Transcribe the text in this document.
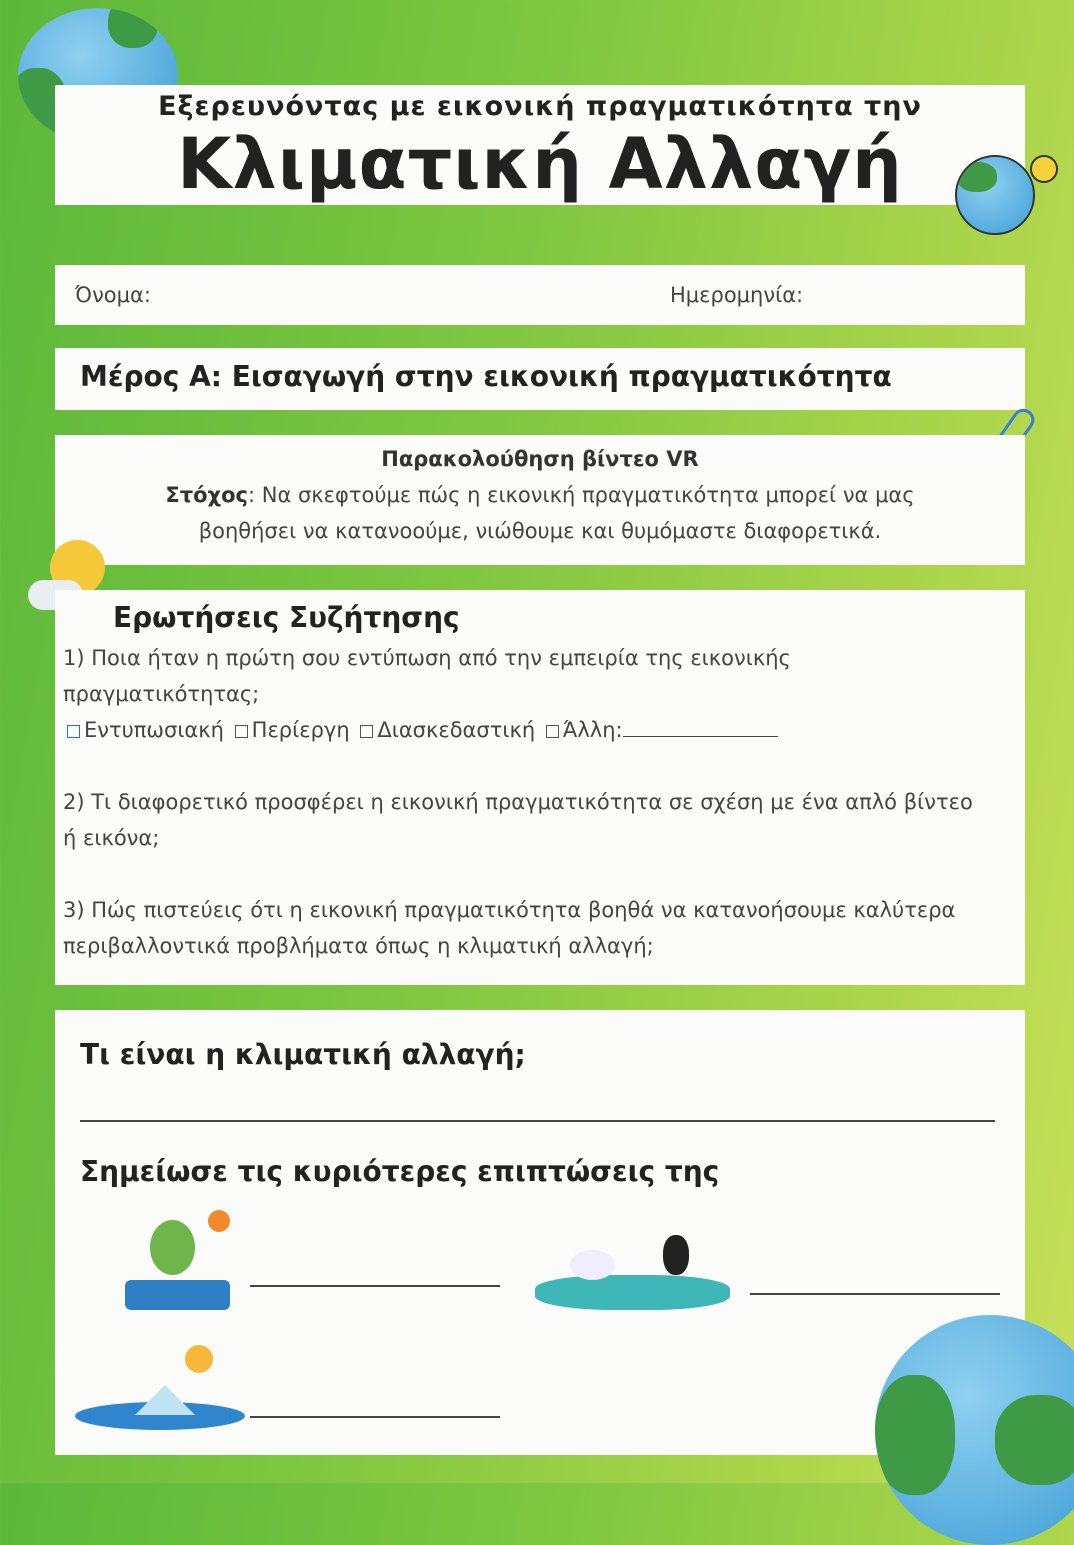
Εξερευνόντας με εικονική πραγματικότητα την
Κλιματική Αλλαγή
Όνομα:	Ημερομηνία:
Μέρος Α: Εισαγωγή στην εικονική πραγματικότητα
Παρακολούθηση βίντεο VR
Στόχος: Να σκεφτούμε πώς η εικονική πραγματικότητα μπορεί να μας βοηθήσει να κατανοούμε, νιώθουμε και θυμόμαστε διαφορετικά.
Ερωτήσεις Συζήτησης
1) Ποια ήταν η πρώτη σου εντύπωση από την εμπειρία της εικονικής πραγματικότητας;
Εντυπωσιακή Περίεργη Διασκεδαστική Άλλη:
2) Τι διαφορετικό προσφέρει η εικονική πραγματικότητα σε σχέση με ένα απλό βίντεο ή εικόνα;
3) Πώς πιστεύεις ότι η εικονική πραγματικότητα βοηθά να κατανοήσουμε καλύτερα περιβαλλοντικά προβλήματα όπως η κλιματική αλλαγή;
Τι είναι η κλιματική αλλαγή;
Σημείωσε τις κυριότερες επιπτώσεις της
